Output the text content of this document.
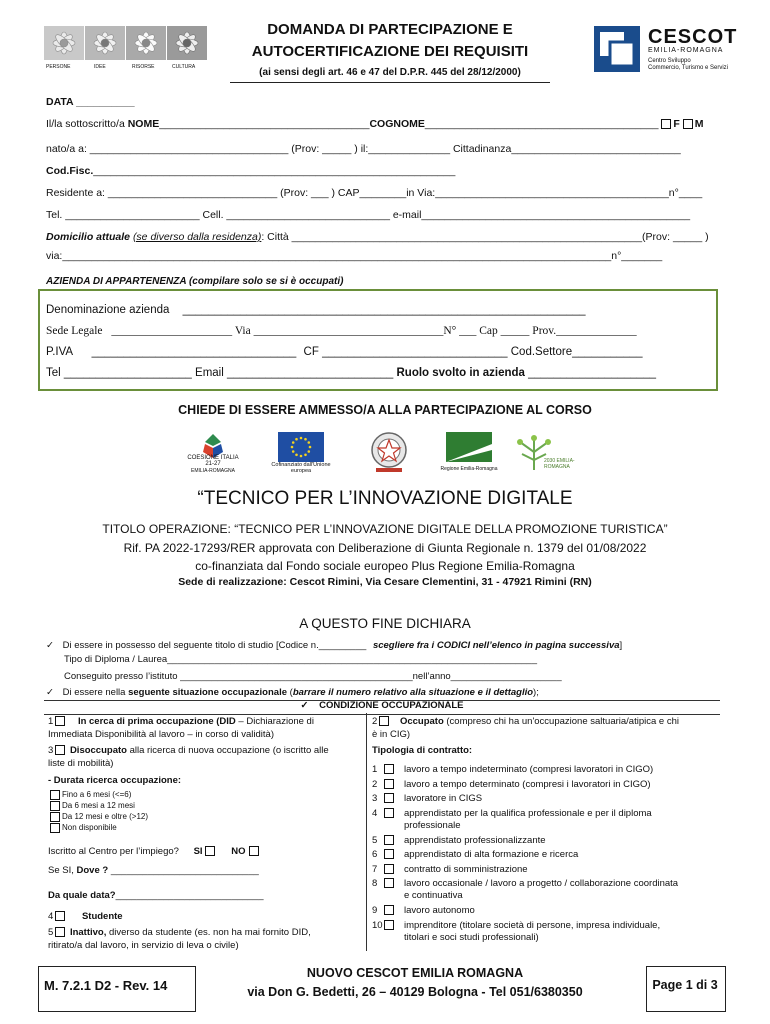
PERSONE	IDEE	RISORSE	CULTURA
DOMANDA DI PARTECIPAZIONE E
AUTOCERTIFICAZIONE DEI REQUISITI
(ai sensi degli art. 46 e 47 del D.P.R. 445 del 28/12/2000)
CESCOT
EMILIA-ROMAGNA
Centro Sviluppo
Commercio, Turismo e Servizi
DATA __________
Il/la sottoscritto/a NOME____________________________________COGNOME________________________________________ F M
nato/a a: __________________________________ (Prov: _____ ) il:______________ Cittadinanza_____________________________
Cod.Fisc.______________________________________________________________
Residente a: _____________________________ (Prov: ___ ) CAP________in Via:________________________________________n°____
Tel. _______________________ Cell. ____________________________ e-mail______________________________________________
Domicilio attuale (se diverso dalla residenza): Città ____________________________________________________________(Prov: _____ )
via:______________________________________________________________________________________________n°_______
AZIENDA DI APPARTENENZA (compilare solo se si è occupati)
Denominazione azienda _______________________________________________________________
Sede Legale _____________________ Via _________________________________N° ___ Cap _____ Prov.______________
P.IVA ________________________________ CF _____________________________ Cod.Settore___________
Tel ____________________ Email __________________________ Ruolo svolto in azienda ____________________
CHIEDE DI ESSERE AMMESSO/A ALLA PARTECIPAZIONE AL CORSO
COESIONE ITALIA 21-27
EMILIA-ROMAGNA
Cofinanziato dall'Unione europea	Regione Emilia-Romagna
2030 EMILIA-ROMAGNA
“TECNICO PER L’INNOVAZIONE DIGITALE
TITOLO OPERAZIONE: “TECNICO PER L’INNOVAZIONE DIGITALE DELLA PROMOZIONE TURISTICA”
Rif. PA 2022-17293/RER approvata con Deliberazione di Giunta Regionale n. 1379 del 01/08/2022
co-finanziata dal Fondo sociale europeo Plus Regione Emilia-Romagna
Sede di realizzazione: Cescot Rimini, Via Cesare Clementini, 31 - 47921 Rimini (RN)
A QUESTO FINE DICHIARA
✓ Di essere in possesso del seguente titolo di studio [Codice n._________ scegliere fra i CODICI nell’elenco in pagina successiva]
Tipo di Diploma / Laurea______________________________________________________________________
Conseguito presso l’istituto ____________________________________________nell’anno_____________________
✓ Di essere nella seguente situazione occupazionale (barrare il numero relativo alla situazione e il dettaglio);
✓ CONDIZIONE OCCUPAZIONALE
1	In cerca di prima occupazione (DID – Dichiarazione di
Immediata Disponibilità al lavoro – in corso di validità)
3 Disoccupato alla ricerca di nuova occupazione (o iscritto alle
liste di mobilità)
- Durata ricerca occupazione:
Fino a 6 mesi (<=6)
Da 6 mesi a 12 mesi
Da 12 mesi e oltre (>12)
Non disponibile
Iscritto al Centro per l’impiego? SI	NO
Se SI, Dove ? ____________________________
Da quale data?____________________________
4	Studente
5 Inattivo, diverso da studente (es. non ha mai fornito DID,
ritirato/a dal lavoro, in servizio di leva o civile)
2 Occupato (compreso chi ha un'occupazione saltuaria/atipica e chi
è in CIG)
Tipologia di contratto:
1	lavoro a tempo indeterminato (compresi lavoratori in CIGO)
2	lavoro a tempo determinato (compresi i lavoratori in CIGO)
3	lavoratore in CIGS
4	apprendistato per la qualifica professionale e per il diploma
professionale
5	apprendistato professionalizzante
6	apprendistato di alta formazione e ricerca
7	contratto di somministrazione
8	lavoro occasionale / lavoro a progetto / collaborazione coordinata
e continuativa
9	lavoro autonomo
10 imprenditore (titolare società di persone, impresa individuale,
titolari e soci studi professionali)
M. 7.2.1 D2 - Rev. 14
NUOVO CESCOT EMILIA ROMAGNA
via Don G. Bedetti, 26 – 40129 Bologna - Tel 051/6380350	Page 1 di 3
